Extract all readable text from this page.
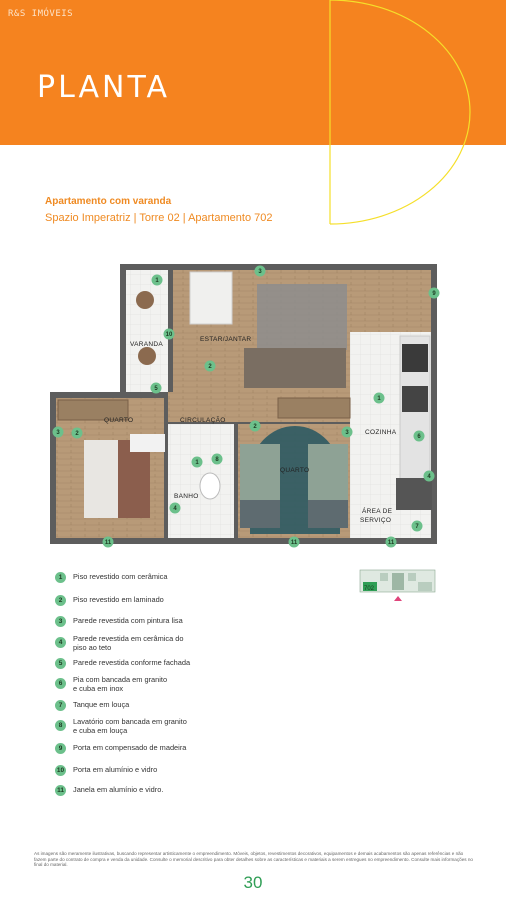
R&S IMÓVEIS
PLANTA
Apartamento com varanda
Spazio Imperatriz | Torre 02 | Apartamento 702
VARANDA
ESTAR/JANTAR
QUARTO	CIRCULAÇÃO
QUARTO
BANHO
COZINHA
ÁREA DE
SERVIÇO
1
3
9
10
2
5
1
3	2
2
3
6
1	8
4
4
7
11	11	11
1	Piso revestido com cerâmica
2	Piso revestido em laminado
3	Parede revestida com pintura lisa
4	Parede revestida em cerâmica do
piso ao teto
5	Parede revestida conforme fachada
6	Pia com bancada em granito
e cuba em inox
7	Tanque em louça
8	Lavatório com bancada em granito
e cuba em louça
9	Porta em compensado de madeira
10 Porta em alumínio e vidro
11 Janela em alumínio e vidro.
702
As imagens são meramente ilustrativas, buscando representar artisticamente o empreendimento. Móveis, objetos, revestimentos decorativos, equipamentos e demais acabamentos são apenas referências e não fazem parte do contrato de compra e venda da unidade. Consulte o memorial descritivo para obter detalhes sobre as características e materiais a serem entregues no empreendimento. Consulte mais informações no final do material.
30
